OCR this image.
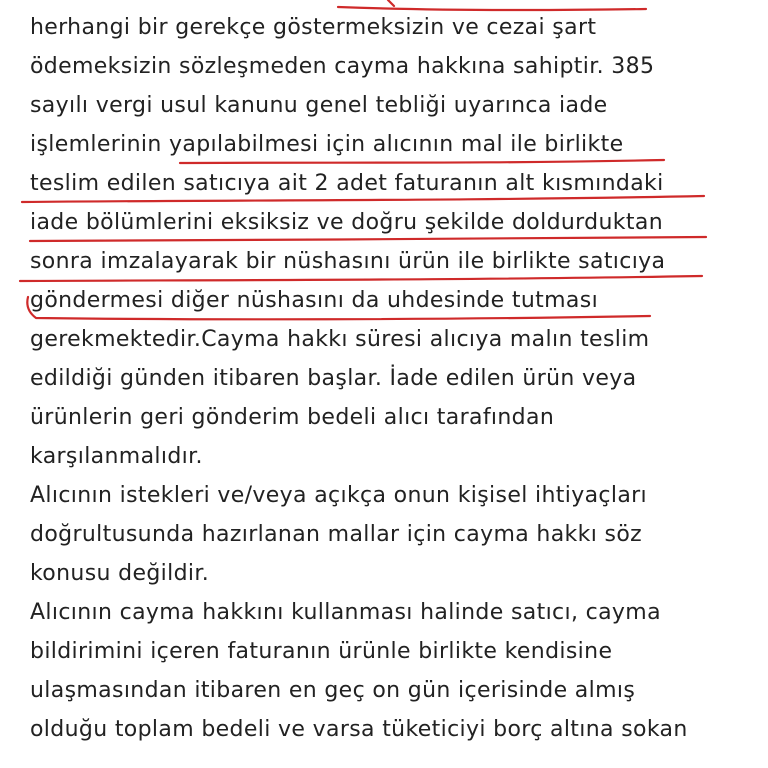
herhangi bir gerekçe göstermeksizin ve cezai şart
ödemeksizin sözleşmeden cayma hakkına sahiptir. 385
sayılı vergi usul kanunu genel tebliği uyarınca iade
işlemlerinin yapılabilmesi için alıcının mal ile birlikte
teslim edilen satıcıya ait 2 adet faturanın alt kısmındaki
iade bölümlerini eksiksiz ve doğru şekilde doldurduktan
sonra imzalayarak bir nüshasını ürün ile birlikte satıcıya
göndermesi diğer nüshasını da uhdesinde tutması
gerekmektedir.Cayma hakkı süresi alıcıya malın teslim
edildiği günden itibaren başlar. İade edilen ürün veya
ürünlerin geri gönderim bedeli alıcı tarafından
karşılanmalıdır.
Alıcının istekleri ve/veya açıkça onun kişisel ihtiyaçları
doğrultusunda hazırlanan mallar için cayma hakkı söz
konusu değildir.
Alıcının cayma hakkını kullanması halinde satıcı, cayma
bildirimini içeren faturanın ürünle birlikte kendisine
ulaşmasından itibaren en geç on gün içerisinde almış
olduğu toplam bedeli ve varsa tüketiciyi borç altına sokan
